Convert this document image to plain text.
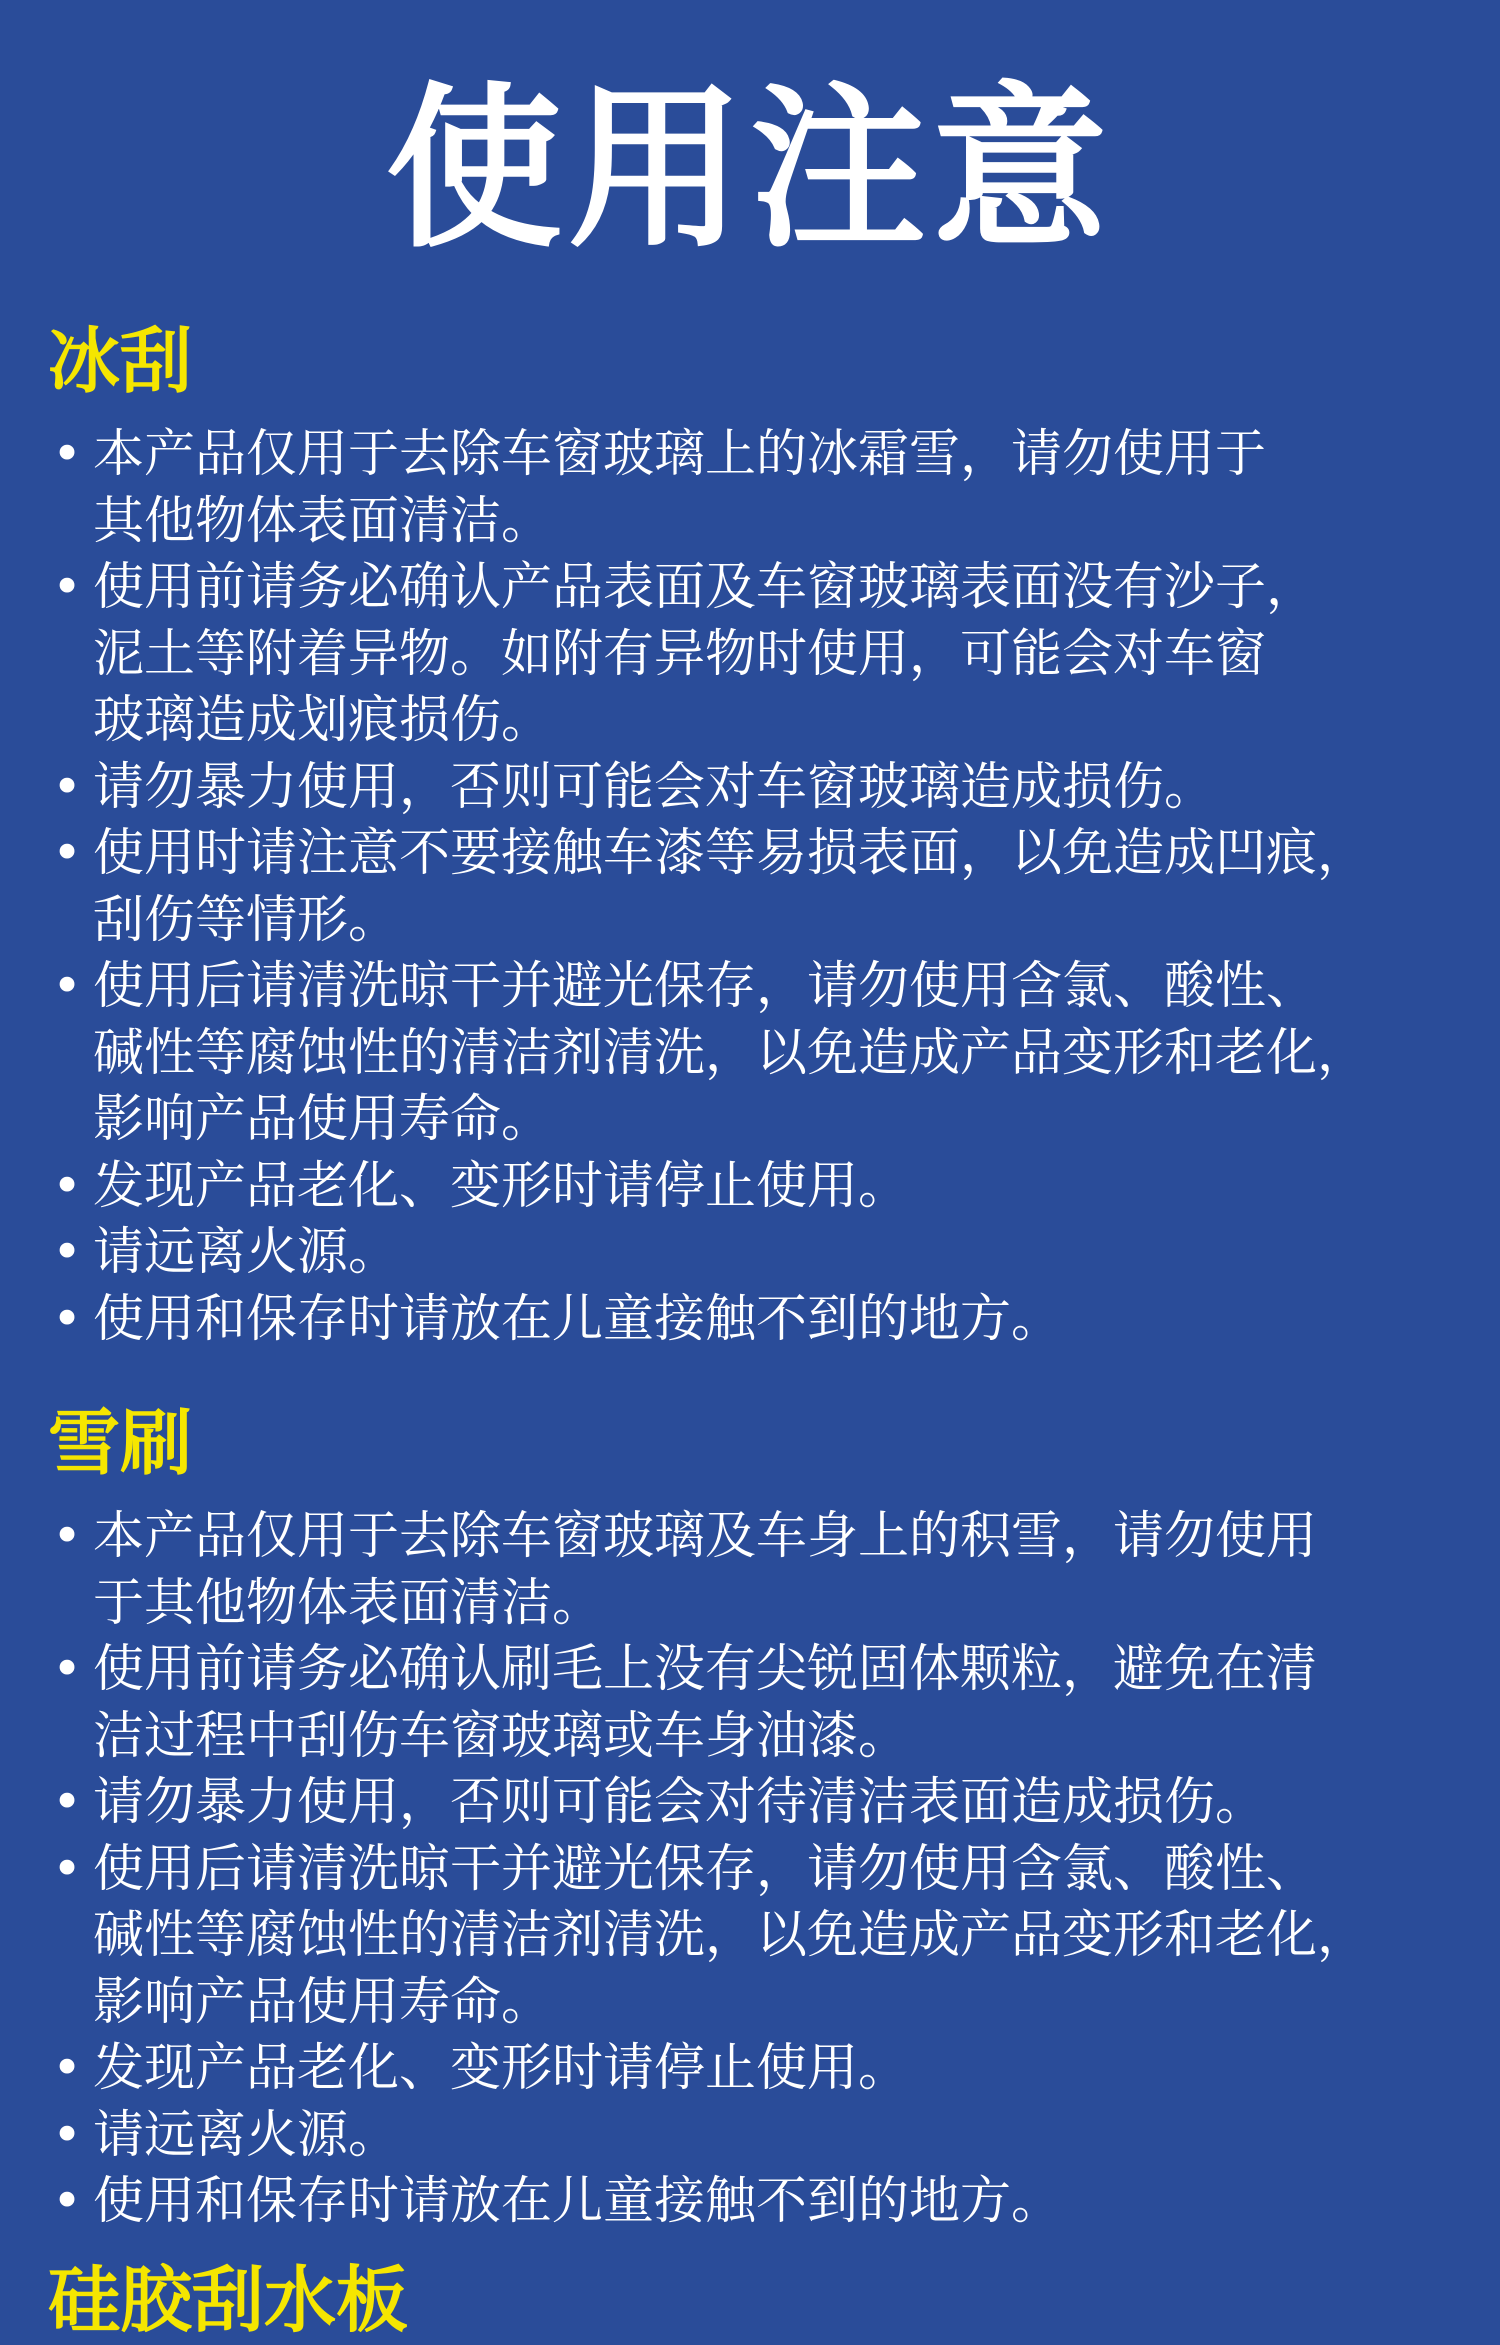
使用注意
冰刮
• 本产品仅用于去除车窗玻璃上的冰霜雪，请勿使用于
其他物体表面清洁。
• 使用前请务必确认产品表面及车窗玻璃表面没有沙子，
泥土等附着异物。如附有异物时使用，可能会对车窗
玻璃造成划痕损伤。
• 请勿暴力使用，否则可能会对车窗玻璃造成损伤。
• 使用时请注意不要接触车漆等易损表面，以免造成凹痕，
刮伤等情形。
• 使用后请清洗晾干并避光保存，请勿使用含氯、酸性、
碱性等腐蚀性的清洁剂清洗，以免造成产品变形和老化，
影响产品使用寿命。
• 发现产品老化、变形时请停止使用。
• 请远离火源。
• 使用和保存时请放在儿童接触不到的地方。
雪刷
• 本产品仅用于去除车窗玻璃及车身上的积雪，请勿使用
于其他物体表面清洁。
• 使用前请务必确认刷毛上没有尖锐固体颗粒，避免在清
洁过程中刮伤车窗玻璃或车身油漆。
• 请勿暴力使用，否则可能会对待清洁表面造成损伤。
• 使用后请清洗晾干并避光保存，请勿使用含氯、酸性、
碱性等腐蚀性的清洁剂清洗，以免造成产品变形和老化，
影响产品使用寿命。
• 发现产品老化、变形时请停止使用。
• 请远离火源。
• 使用和保存时请放在儿童接触不到的地方。
硅胶刮水板
